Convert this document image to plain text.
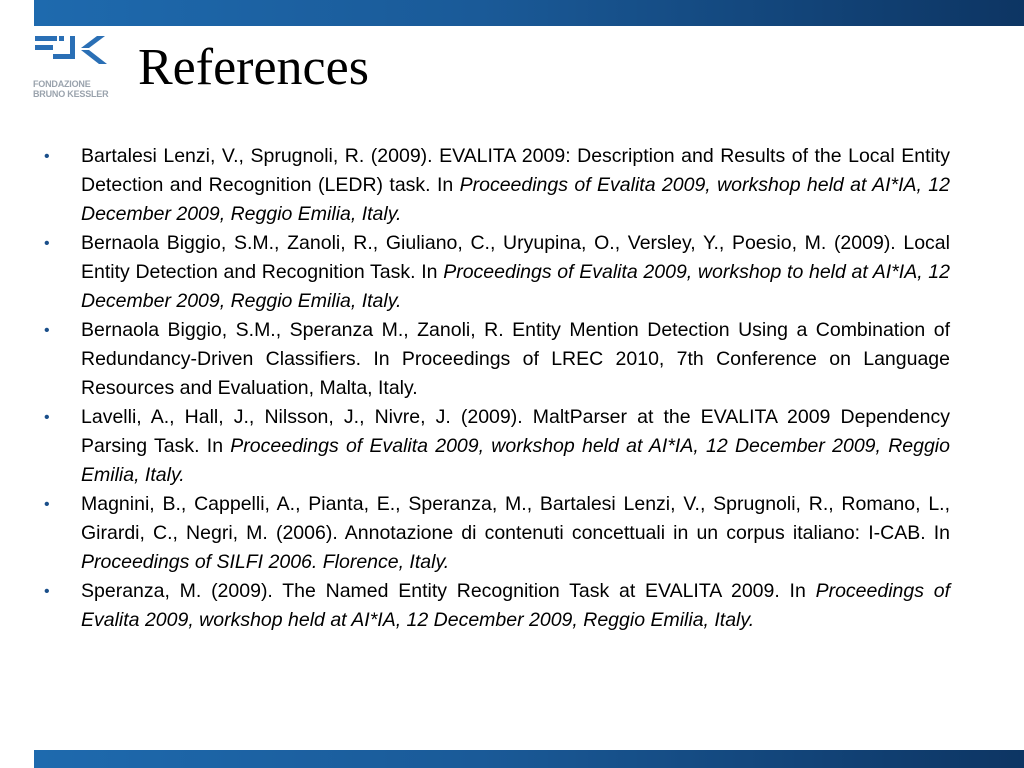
FONDAZIONE
BRUNO KESSLER References
• Bartalesi Lenzi, V., Sprugnoli, R. (2009). EVALITA 2009: Description and Results of the Local Entity Detection and Recognition (LEDR) task. In Proceedings of Evalita 2009, workshop held at AI*IA, 12 December 2009, Reggio Emilia, Italy.
• Bernaola Biggio, S.M., Zanoli, R., Giuliano, C., Uryupina, O., Versley, Y., Poesio, M. (2009). Local Entity Detection and Recognition Task. In Proceedings of Evalita 2009, workshop to held at AI*IA, 12 December 2009, Reggio Emilia, Italy.
• Bernaola Biggio, S.M., Speranza M., Zanoli, R. Entity Mention Detection Using a Combination of Redundancy-Driven Classifiers. In Proceedings of LREC 2010, 7th Conference on Language Resources and Evaluation, Malta, Italy.
• Lavelli, A., Hall, J., Nilsson, J., Nivre, J. (2009). MaltParser at the EVALITA 2009 Dependency Parsing Task. In Proceedings of Evalita 2009, workshop held at AI*IA, 12 December 2009, Reggio Emilia, Italy.
• Magnini, B., Cappelli, A., Pianta, E., Speranza, M., Bartalesi Lenzi, V., Sprugnoli, R., Romano, L., Girardi, C., Negri, M. (2006). Annotazione di contenuti concettuali in un corpus italiano: I-CAB. In Proceedings of SILFI 2006. Florence, Italy.
• Speranza, M. (2009). The Named Entity Recognition Task at EVALITA 2009. In Proceedings of Evalita 2009, workshop held at AI*IA, 12 December 2009, Reggio Emilia, Italy.
